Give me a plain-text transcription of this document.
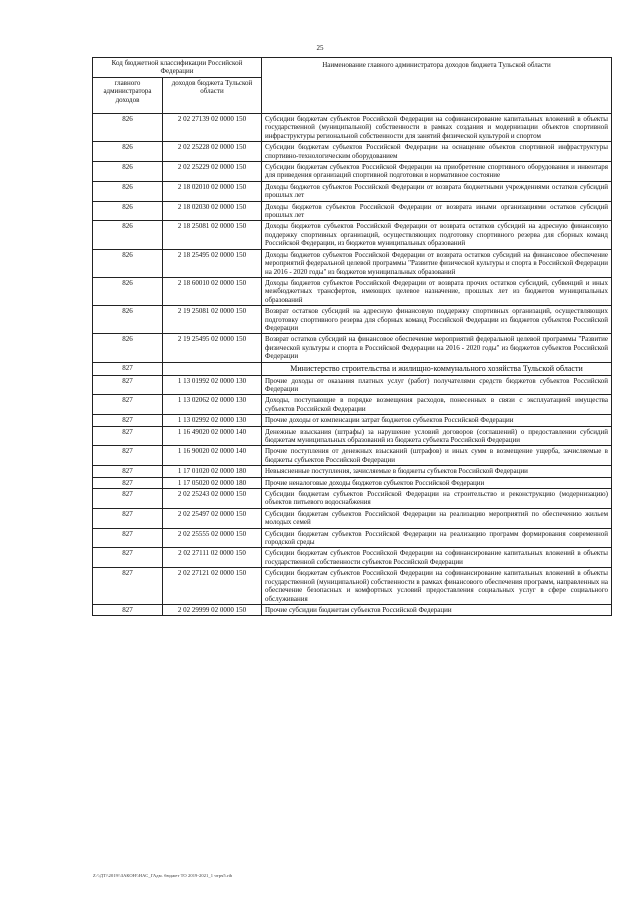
25
Код бюджетной классификации Российской Федерации		Наименование главного администратора доходов бюджета Тульской области
главного администратора доходов	доходов бюджета Тульской области	
826	2 02 27139 02 0000 150	Субсидии бюджетам субъектов Российской Федерации на софинансирование капитальных вложений в объекты государственной (муниципальной) собственности в рамках создания и модернизации объектов спортивной инфраструктуры региональной собственности для занятий физической культурой и спортом
826	2 02 25228 02 0000 150	Субсидии бюджетам субъектов Российской Федерации на оснащение объектов спортивной инфраструктуры спортивно-технологическим оборудованием
826	2 02 25229 02 0000 150	Субсидии бюджетам субъектов Российской Федерации на приобретение спортивного оборудования и инвентаря для приведения организаций спортивной подготовки в нормативное состояние
826	2 18 02010 02 0000 150	Доходы бюджетов субъектов Российской Федерации от возврата бюджетными учреждениями остатков субсидий прошлых лет
826	2 18 02030 02 0000 150	Доходы бюджетов субъектов Российской Федерации от возврата иными организациями остатков субсидий прошлых лет
826	2 18 25081 02 0000 150	Доходы бюджетов субъектов Российской Федерации от возврата остатков субсидий на адресную финансовую поддержку спортивных организаций, осуществляющих подготовку спортивного резерва для сборных команд Российской Федерации, из бюджетов муниципальных образований
826	2 18 25495 02 0000 150	Доходы бюджетов субъектов Российской Федерации от возврата остатков субсидий на финансовое обеспечение мероприятий федеральной целевой программы "Развитие физической культуры и спорта в Российской Федерации на 2016 - 2020 годы" из бюджетов муниципальных образований
826	2 18 60010 02 0000 150	Доходы бюджетов субъектов Российской Федерации от возврата прочих остатков субсидий, субвенций и иных межбюджетных трансфертов, имеющих целевое назначение, прошлых лет из бюджетов муниципальных образований
826	2 19 25081 02 0000 150	Возврат остатков субсидий на адресную финансовую поддержку спортивных организаций, осуществляющих подготовку спортивного резерва для сборных команд Российской Федерации из бюджетов субъектов Российской Федерации
826	2 19 25495 02 0000 150	Возврат остатков субсидий на финансовое обеспечение мероприятий федеральной целевой программы "Развитие физической культуры и спорта в Российской Федерации на 2016 - 2020 годы" из бюджетов субъектов Российской Федерации
827		Министерство строительства и жилищно-коммунального хозяйства Тульской области
827	1 13 01992 02 0000 130	Прочие доходы от оказания платных услуг (работ) получателями средств бюджетов субъектов Российской Федерации
827	1 13 02062 02 0000 130	Доходы, поступающие в порядке возмещения расходов, понесенных в связи с эксплуатацией имущества субъектов Российской Федерации
827	1 13 02992 02 0000 130	Прочие доходы от компенсации затрат бюджетов субъектов Российской Федерации
827	1 16 49020 02 0000 140	Денежные взыскания (штрафы) за нарушение условий договоров (соглашений) о предоставлении субсидий бюджетам муниципальных образований из бюджета субъекта Российской Федерации
827	1 16 90020 02 0000 140	Прочие поступления от денежных взысканий (штрафов) и иных сумм в возмещение ущерба, зачисляемые в бюджеты субъектов Российской Федерации
827	1 17 01020 02 0000 180	Невыясненные поступления, зачисляемые в бюджеты субъектов Российской Федерации
827	1 17 05020 02 0000 180	Прочие неналоговые доходы бюджетов субъектов Российской Федерации
827	2 02 25243 02 0000 150	Субсидии бюджетам субъектов Российской Федерации на строительство и реконструкцию (модернизацию) объектов питьевого водоснабжения
827	2 02 25497 02 0000 150	Субсидии бюджетам субъектов Российской Федерации на реализацию мероприятий по обеспечению жильем молодых семей
827	2 02 25555 02 0000 150	Субсидии бюджетам субъектов Российской Федерации на реализацию программ формирования современной городской среды
827	2 02 27111 02 0000 150	Субсидии бюджетам субъектов Российской Федерации на софинансирование капитальных вложений в объекты государственной собственности субъектов Российской Федерации
827	2 02 27121 02 0000 150	Субсидии бюджетам субъектов Российской Федерации на софинансирование капитальных вложений в объекты государственной (муниципальной) собственности в рамках финансового обеспечения программ, направленных на обеспечение безопасных и комфортных условий предоставления социальных услуг в сфере социального обслуживания
827	2 02 29999 02 0000 150	Прочие субсидии бюджетам субъектов Российской Федерации
Z:\\ДТ\\2019\\ЗАКОН\\НАС_ГАдм. бюджет ТО 2019-2021_1 чтрч5.rtb
